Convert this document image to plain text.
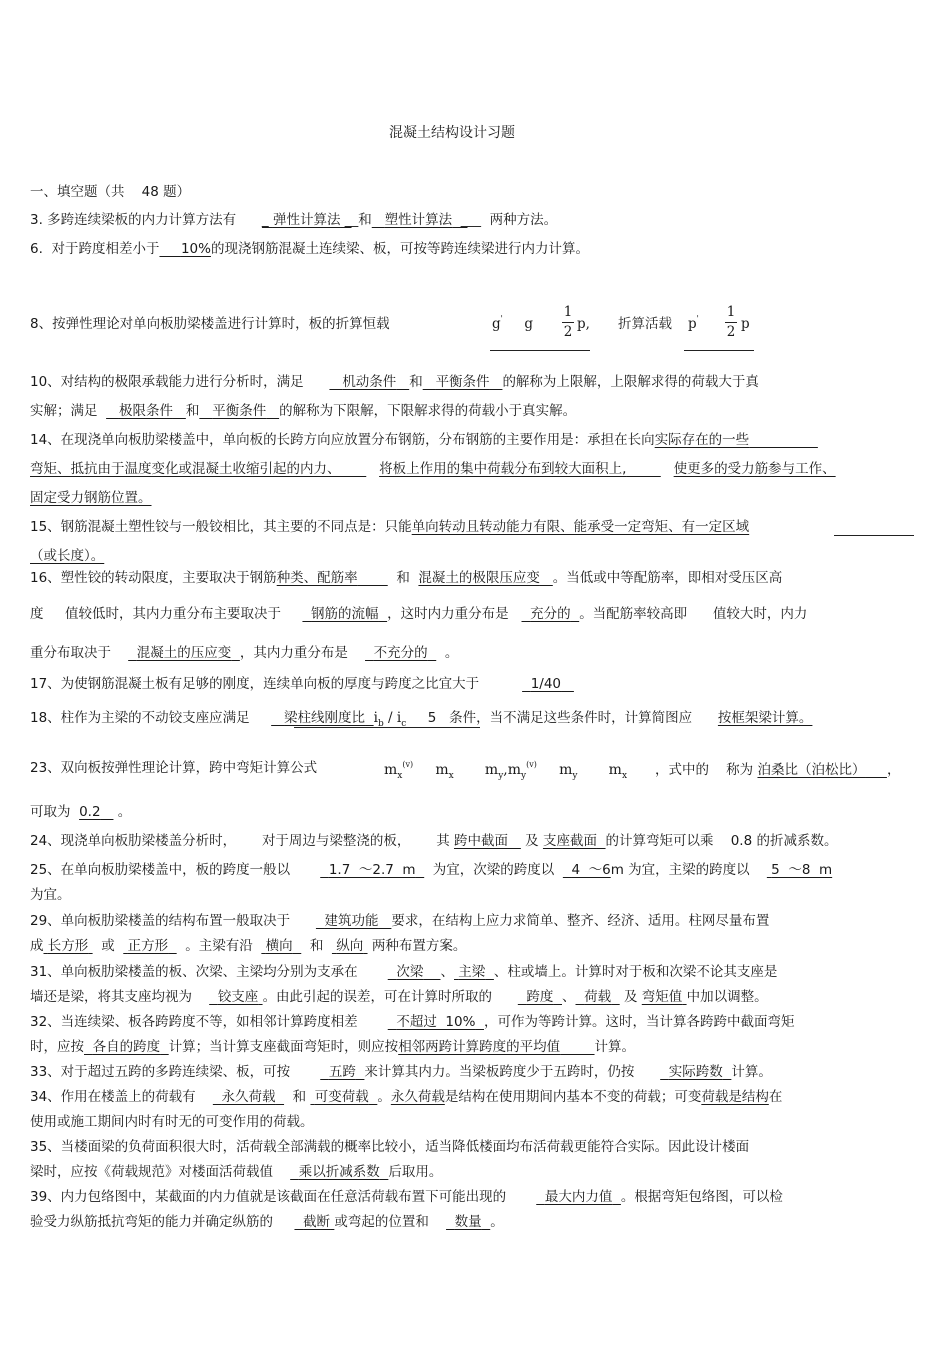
混凝土结构设计习题
一、填空题（共 48 题）
3. 多跨连续梁板的内力计算方法有 _ 弹性计算法 __和 塑性计算法  ___  两种方法。
6.  对于跨度相差小于 10%的现浇钢筋混凝土连续梁、板，可按等跨连续梁进行内力计算。
8、按弹性理论对单向板肋梁楼盖进行计算时，板的折算恒载	g' g
1
2 p, 折算活载 p' 1
2 p
10、对结构的极限承载能力进行分析时，满足	机动条件 和 平衡条件 的解称为上限解，上限解求得的荷载大于真
实解；满足 极限条件 和 平衡条件 的解称为下限解，下限解求得的荷载小于真实解。
14、在现浇单向板肋梁楼盖中，单向板的长跨方向应放置分布钢筋，分布钢筋的主要作用是：承担在长向实际存在的一些
弯矩、抵抗由于温度变化或混凝土收缩引起的内力、	将板上作用的集中荷载分布到较大面积上,	使更多的受力筋参与工作、
固定受力钢筋位置。
15、钢筋混凝土塑性铰与一般铰相比，其主要的不同点是：只能单向转动且转动能力有限、能承受一定弯矩、有一定区域
（或长度）。
16、塑性铰的转动限度，主要取决于钢筋种类、配筋率	和 混凝土的极限压应变 。当低或中等配筋率，即相对受压区高
度 值较低时，其内力重分布主要取决于 钢筋的流幅 ，这时内力重分布是     充分的 。当配筋率较高即 值较大时，内力
重分布取决于 混凝土的压应变 ，其内力重分布是 不充分的 。
17、为使钢筋混凝土板有足够的刚度，连续单向板的厚度与跨度之比宜大于	1/40
18、柱作为主梁的不动铰支座应满足	梁柱线刚度比 $i_b / i_c$ 5 条件，当不满足这些条件时，计算简图应 按框架梁计算。
23、双向板按弹性理论计算，跨中弯矩计算公式	$m_x^{(v)}$ $m_x$ $m_y,m_y^{(v)}$ $m_y$ $m_x$ ，式中的 称为 泊桑比（泊松比） ，
可取为 0.2 。
24、现浇单向板肋梁楼盖分析时， 对于周边与梁整浇的板， 其 跨中截面 及 支座截面 的计算弯矩可以乘 0.8 的折减系数。
25、在单向板肋梁楼盖中，板的跨度一般以	1.7  ～2.7  m 为宜，次梁的跨度以 4  ～6m 为宜，主梁的跨度以 5  ～8  m
为宜。
29、单向板肋梁楼盖的结构布置一般取决于	建筑功能 要求，在结构上应力求简单、整齐、经济、适用。柱网尽量布置
成 长方形 或 正方形 。主梁有沿 横向 和 纵向 两种布置方案。
31、单向板肋梁楼盖的板、次梁、主梁均分别为支承在	次梁 、 主梁 、柱或墙上。计算时对于板和次梁不论其支座是
墙还是梁，将其支座均视为 铰支座 。由此引起的误差，可在计算时所取的	跨度 、 荷载 及 弯矩值 中加以调整。
32、当连续梁、板各跨跨度不等，如相邻计算跨度相差	不超过  10% ，可作为等跨计算。这时，当计算各跨跨中截面弯矩
时，应按 各自的跨度 计算；当计算支座截面弯矩时，则应按相邻两跨计算跨度的平均值	计算。
33、对于超过五跨的多跨连续梁、板，可按	五跨 来计算其内力。当梁板跨度少于五跨时，仍按	实际跨数 计算。
34、作用在楼盖上的荷载有 永久荷载 和 可变荷载 。永久荷载是结构在使用期间内基本不变的荷载；可变荷载是结构在
使用或施工期间内时有时无的可变作用的荷载。
35、当楼面梁的负荷面积很大时，活荷载全部满载的概率比较小，适当降低楼面均布活荷载更能符合实际。因此设计楼面
梁时，应按《荷载规范》对楼面活荷载值 乘以折减系数 后取用。
39、内力包络图中，某截面的内力值就是该截面在任意活荷载布置下可能出现的	最大内力值 。根据弯矩包络图，可以检
验受力纵筋抵抗弯矩的能力并确定纵筋的 截断 或弯起的位置和 数量 。
